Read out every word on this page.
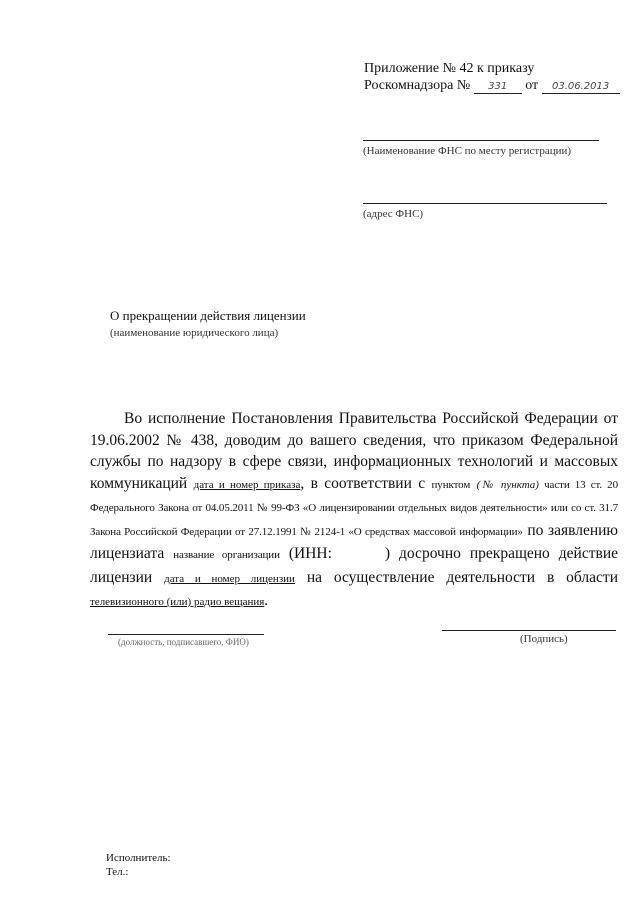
Приложение № 42 к приказу
Роскомнадзора № 331 от 03.06.2013
(Наименование ФНС по месту регистрации)
(адрес ФНС)
О прекращении действия лицензии
(наименование юридического лица)
Во исполнение Постановления Правительства Российской Федерации от 19.06.2002 № 438, доводим до вашего сведения, что приказом Федеральной службы по надзору в сфере связи, информационных технологий и массовых коммуникаций дата и номер приказа, в соответствии с пунктом (№ пункта) части 13 ст. 20 Федерального Закона от 04.05.2011 № 99-ФЗ «О лицензировании отдельных видов деятельности» или со ст. 31.7 Закона Российской Федерации от 27.12.1991 № 2124-1 «О средствах массовой информации» по заявлению лицензиата название организации (ИНН:	) досрочно прекращено действие лицензии дата и номер лицензии на осуществление деятельности в области телевизионного (или) радио вещания.
(должность, подписавшего, ФИО)	(Подпись)
Исполнитель:
Тел.:
